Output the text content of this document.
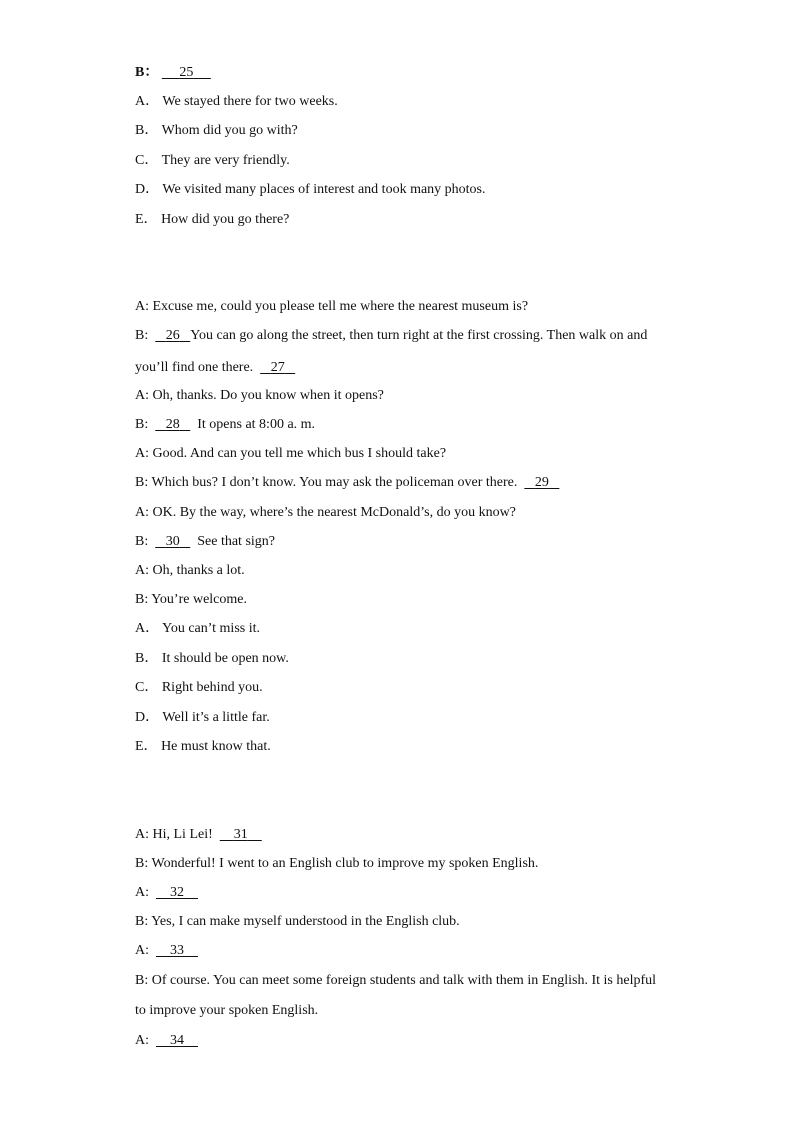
B： 25
A． We stayed there for two weeks.
B． Whom did you go with?
C． They are very friendly.
D． We visited many places of interest and took many photos.
E． How did you go there?
A: Excuse me, could you please tell me where the nearest museum is?
B: 26 You can go along the street, then turn right at the first crossing. Then walk on and
you’ll find one there. 27
A: Oh, thanks. Do you know when it opens?
B: 28 It opens at 8:00 a. m.
A: Good. And can you tell me which bus I should take?
B: Which bus? I don’t know. You may ask the policeman over there. 29
A: OK. By the way, where’s the nearest McDonald’s, do you know?
B: 30 See that sign?
A: Oh, thanks a lot.
B: You’re welcome.
A． You can’t miss it.
B． It should be open now.
C． Right behind you.
D． Well it’s a little far.
E． He must know that.
A: Hi, Li Lei! 31
B: Wonderful! I went to an English club to improve my spoken English.
A: 32
B: Yes, I can make myself understood in the English club.
A: 33
B: Of course. You can meet some foreign students and talk with them in English. It is helpful
to improve your spoken English.
A: 34
